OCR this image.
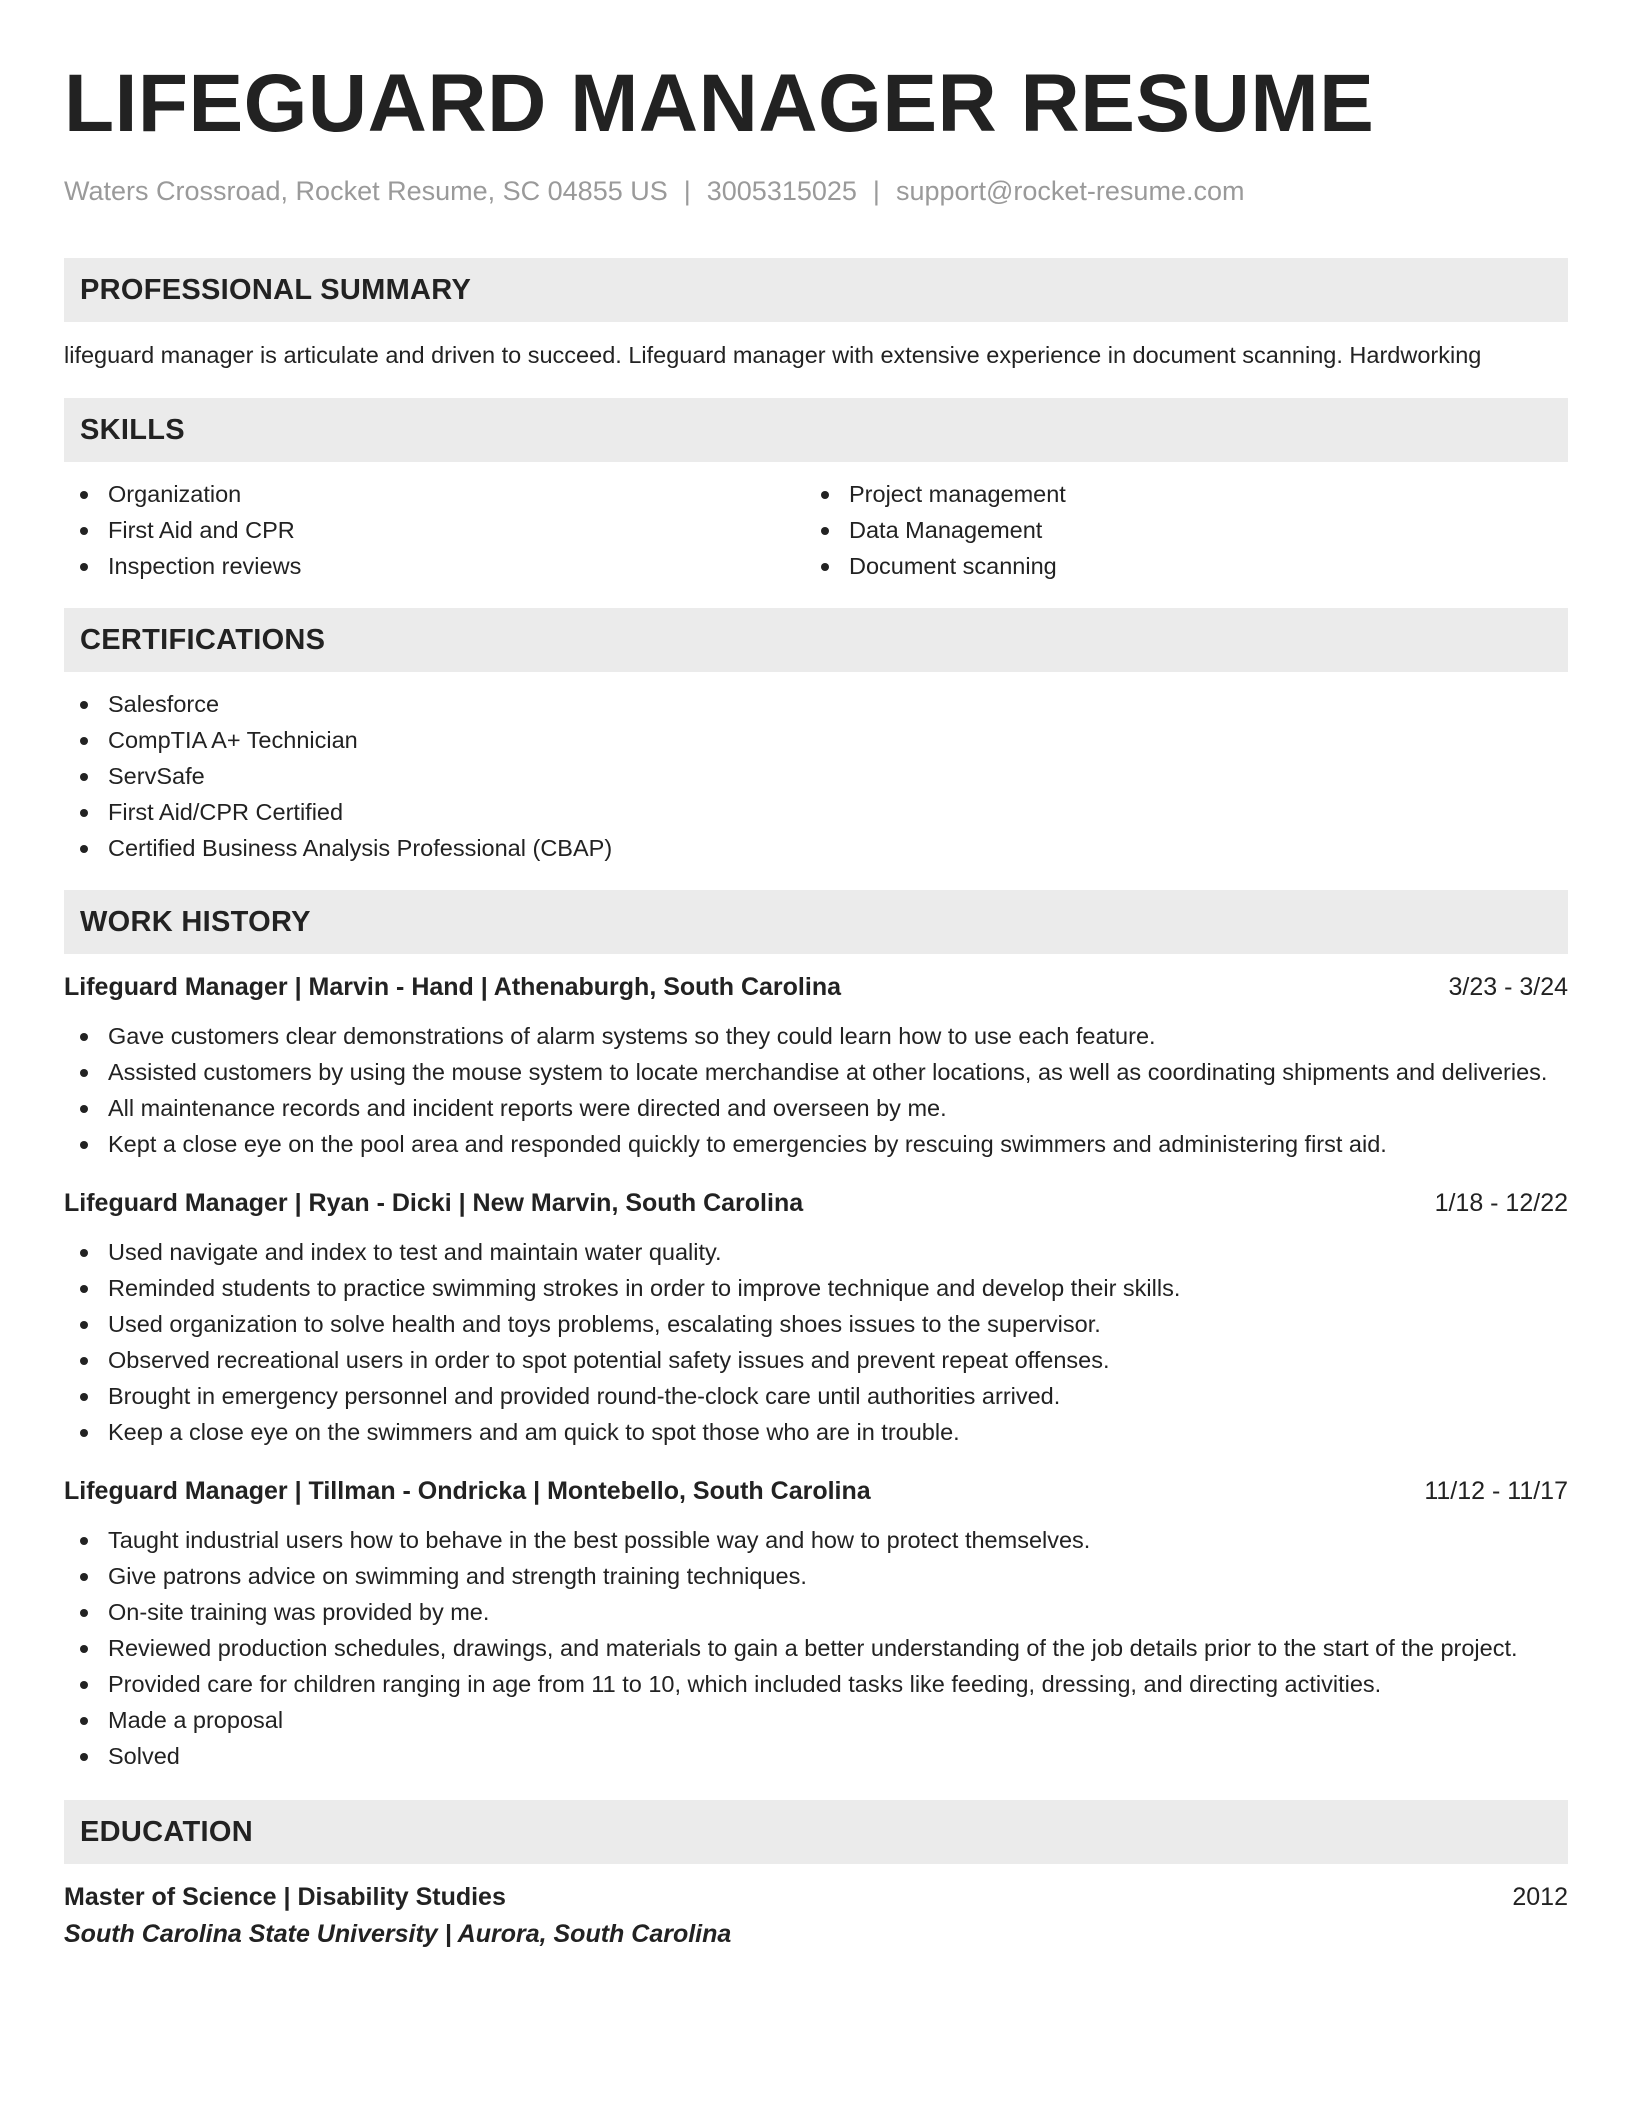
LIFEGUARD MANAGER RESUME
Waters Crossroad, Rocket Resume, SC 04855 US | 3005315025 | support@rocket-resume.com
PROFESSIONAL SUMMARY
lifeguard manager is articulate and driven to succeed. Lifeguard manager with extensive experience in document scanning. Hardworking
SKILLS
Organization
First Aid and CPR
Inspection reviews
Project management
Data Management
Document scanning
CERTIFICATIONS
Salesforce
CompTIA A+ Technician
ServSafe
First Aid/CPR Certified
Certified Business Analysis Professional (CBAP)
WORK HISTORY
Lifeguard Manager | Marvin - Hand | Athenaburgh, South Carolina	3/23 - 3/24
Gave customers clear demonstrations of alarm systems so they could learn how to use each feature.
Assisted customers by using the mouse system to locate merchandise at other locations, as well as coordinating shipments and deliveries.
All maintenance records and incident reports were directed and overseen by me.
Kept a close eye on the pool area and responded quickly to emergencies by rescuing swimmers and administering first aid.
Lifeguard Manager | Ryan - Dicki | New Marvin, South Carolina	1/18 - 12/22
Used navigate and index to test and maintain water quality.
Reminded students to practice swimming strokes in order to improve technique and develop their skills.
Used organization to solve health and toys problems, escalating shoes issues to the supervisor.
Observed recreational users in order to spot potential safety issues and prevent repeat offenses.
Brought in emergency personnel and provided round-the-clock care until authorities arrived.
Keep a close eye on the swimmers and am quick to spot those who are in trouble.
Lifeguard Manager | Tillman - Ondricka | Montebello, South Carolina	11/12 - 11/17
Taught industrial users how to behave in the best possible way and how to protect themselves.
Give patrons advice on swimming and strength training techniques.
On-site training was provided by me.
Reviewed production schedules, drawings, and materials to gain a better understanding of the job details prior to the start of the project.
Provided care for children ranging in age from 11 to 10, which included tasks like feeding, dressing, and directing activities.
Made a proposal
Solved
EDUCATION
Master of Science | Disability Studies	2012
South Carolina State University | Aurora, South Carolina
